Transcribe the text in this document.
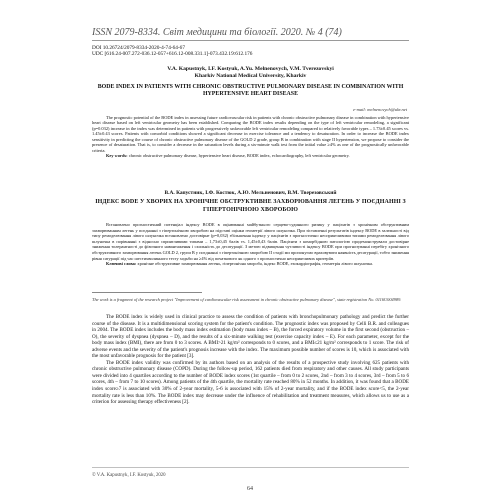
ISSN 2079-8334. Світ медицини та біології. 2020. № 4 (74)
DOI 10.26724/2079-8334-2020-4-74-64-67
UDC [616.24-007.272-036.12-057+616.12-008.331.1]-073.432.19:612.176
V.A. Kapustnyk, I.F. Kostyuk, A.Yu. Melnenovych, V.M. Tverezovskyi
Kharkiv National Medical University, Kharkiv
BODE INDEX IN PATIENTS WITH CHRONIC OBSTRUCTIVE PULMONARY DISEASE IN COMBINATION WITH HYPERTENSIVE HEART DISEASE
e-mail: melnenovych@ukr.net

The prognostic potential of the BODE index in assessing future cardiovascular risk in patients with chronic obstructive pulmonary disease in combination with hypertensive heart disease based on left ventricular geometry has been established. Comparing the BODE index results depending on the type of left ventricular remodeling, a significant (p=0.032) increase in the index was determined in patients with progressively unfavorable left ventricular remodeling compared to relatively favorable types – 1.73±0.45 scores vs. 1.45±0.43 scores. Patients with comorbid conditions showed a significant decrease in exercise tolerance and a tendency to desaturation. In order to increase the BODE index sensitivity in predicting the course of chronic obstructive pulmonary disease of the GOLD 2 grade, group B in combination with stage II hypertension, we propose to consider the presence of desaturation. That is, to consider a decrease in the saturation levels during a six-minute walk test from the initial value ≥4% as one of the prognostically unfavorable criteria.

Key words: chronic obstructive pulmonary disease, hypertensive heart disease, BODE index, echocardiography, left ventricular geometry.

В.А. Капустник, І.Ф. Костюк, А.Ю. Мельненович, В.М. Тверезовський
ІНДЕКС BODE У ХВОРИХ НА ХРОНІЧНЕ ОБСТРУКТИВНЕ ЗАХВОРЮВАННЯ ЛЕГЕНЬ У ПОЄДНАННІ З ГІПЕРТОНІЧНОЮ ХВОРОБОЮ

Встановлено прогностичний потенціал індексу BODE в оцінюванні майбутнього серцево-судинного ризику у пацієнтів з хронічним обструктивним захворюванням легень у поєднанні з гіпертонічною хворобою на підставі оцінки геометрії лівого шлуночка. При зіставленні результатів індексу BODE в залежності від типу ремоделювання лівого шлуночка встановлено достовірне (р=0,032) збільшення індексу у пацієнтів з прогностично несприятливими типами ремоделювання лівого шлуночка в порівнянні з відносно сприятливими типами – 1,73±0,45 балів vs. 1,45±0,43 балів. Пацієнти з коморбідною патологією продемонстрували достовірне зниження толерантності до фізичного навантаження і схильність до десатурації. З метою підвищення чутливості індексу BODE при прогнозуванні перебігу хронічного обструктивного захворювання легень GOLD 2, групи B у поєднанні з гіпертонічною хворобою II стадії ми пропонуємо враховувати наявність десатурації, тобто зниження рівня сатурації під час шестихвилинного тесту ходьби на ≥4% від початкового як одного з прогностично несприятливих критеріїв.

Ключові слова: хронічне обструктивне захворювання легень, гіпертонічна хвороба, індекс BODE, ехокардіографія, геометрія лівого шлуночка.

The work is a fragment of the research project "Improvement of cardiovascular risk assessment in chronic obstructive pulmonary disease", state registration No. 0116U004989.

The BODE index is widely used in clinical practice to assess the condition of patients with bronchopulmonary pathology and predict the further course of the disease. It is a multidimensional scoring system for the patient's condition. The prognostic index was proposed by Celli B.R. and colleagues in 2004. The BODE index includes the body mass index estimation (body mass index – B), the forced expiratory volume in the first second (obstruction – O), the severity of dyspnea (dyspnea – D), and the results of a six-minute walking test (exercise capacity index – E). For each parameter, except for the body mass index (BMI), there are from 0 to 3 scores. A BMI>21 kg/m² corresponds to 0 scores, and a BMI≤21 kg/m² corresponds to 1 score. The risk of adverse events and the severity of the patient's prognosis increase with the index. The maximum possible number of scores is 10, which is associated with the most unfavorable prognosis for the patient [3].

The BODE index validity was confirmed by its authors based on an analysis of the results of a prospective study involving 625 patients with chronic obstructive pulmonary disease (COPD). During the follow-up period, 162 patients died from respiratory and other causes. All study participants were divided into 4 quartiles according to the number of BODE index scores (1st quartile – from 0 to 2 scores, 2nd – from 3 to 4 scores, 3rd – from 5 to 6 scores, 4th – from 7 to 10 scores). Among patients of the 4th quartile, the mortality rate reached 80% in 52 months. In addition, it was found that a BODE index score≥7 is associated with 30% of 2-year mortality, 5-6 is associated with 15% of 2-year mortality, and if the BODE index score<5, the 2-year mortality rate is less than 10%. The BODE index may decrease under the influence of rehabilitation and treatment measures, which allows us to use as a criterion for assessing therapy effectiveness [2].

© V.A. Kapustnyk, I.F. Kostyuk, 2020
64
